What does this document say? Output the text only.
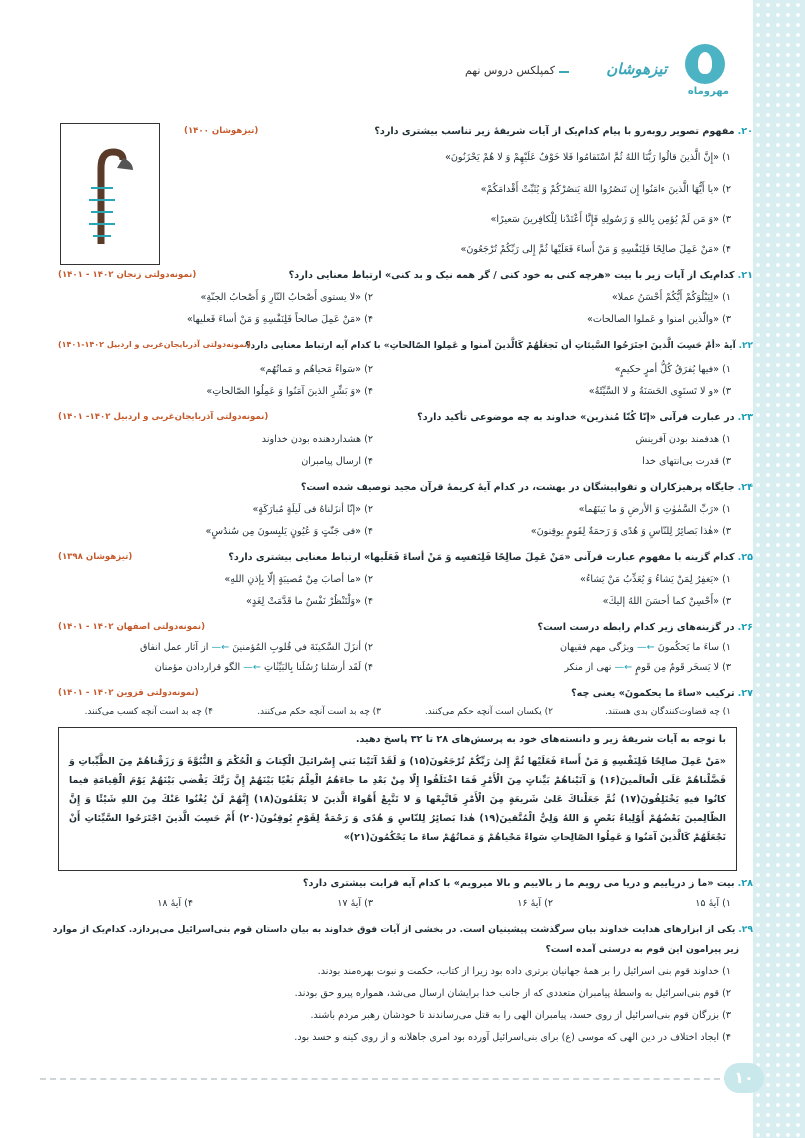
مهروماه
تیزهوشان
کمپلکس دروس نهم
۲۰. مفهوم تصویر روبه‌رو با پیام کدام‌یک از آیات شریفهٔ زیر تناسب بیشتری دارد؟
(تیزهوشان ۱۴۰۰)
۱) «إِنَّ الَّذينَ قالُوا رَبُّنَا اللهُ ثُمَّ اسْتَقامُوا فَلا خَوْفٌ عَلَيْهِمْ وَ لا هُمْ يَحْزَنُونَ»
۲) «يا أَيُّهَا الَّذينَ ءامَنُوا إِن تَنصُرُوا اللهَ يَنصُرْكُمْ وَ يُثَبِّتْ أَقْدامَكُمْ»
۳) «وَ مَن لَمْ يُؤمِن بِاللهِ وَ رَسُولِهِ فَإِنَّا أَعْتَدْنا لِلْكافِرينَ سَعيرًا»
۴) «مَنْ عَمِلَ صالِحًا فَلِنَفْسِهِ وَ مَنْ أَساءَ فَعَلَيْها ثُمَّ إِلى رَبِّكُمْ تُرْجَعُونَ»
۲۱. کدام‌یک از آیات زیر با بیت «هرچه کنی به خود کنی / گر همه نیک و بد کنی» ارتباط معنایی دارد؟
(نمونه‌دولتی زنجان ۱۴۰۲ - ۱۴۰۱)
۱) «لِيَبْلُوَكُمْ أَيُّكُمْ أَحْسَنُ عملا»
۲) «لا يستوی أَصْحابُ النّارِ وَ أَصْحابُ الجنّةِ»
۳) «والّذين امنوا و عَملوا الصالحات»
۴) «مَنْ عَمِلَ صالحاً فَلِنَفْسِهِ وَ مَنْ أساءَ فَعليها»
۲۲. آیهٔ «أمْ حَسِبَ الَّذينَ اجتَرَحُوا السَّيئاتِ أن نَجعَلَهُمْ كَالَّذينَ آمنوا و عَمِلوا الصّالحاتِ» با کدام آیه ارتباط معنایی دارد؟
(نمونه‌دولتی آذربایجان‌غربی و اردبیل ۱۴۰۲-۱۴۰۱)
۱) «فيها يُفرَقُ كُلُّ أمرٍ حكيمٍ»
۲) «سَواءً مَحياهُم و مَماتُهُم»
۳) «و لا تَستَوِی الحَسَنَةُ و لا السَّيِّئَةُ»
۴) «وَ بَشِّرِ الذينَ آمَنُوا وَ عَمِلُوا الصّالحاتِ»
۲۳. در عبارت قرآنی «إنّا كُنّا مُنذرين» خداوند به چه موضوعی تأکید دارد؟
(نمونه‌دولتی آذربایجان‌غربی و اردبیل ۱۴۰۲- ۱۴۰۱)
۱) هدفمند بودن آفرینش
۲) هشداردهنده بودن خداوند
۳) قدرت بی‌انتهای خدا
۴) ارسال پیامبران
۲۴. جایگاه پرهیزکاران و تقواپیشگان در بهشت، در کدام آیهٔ کریمهٔ قرآن مجید توصیف شده است؟
۱) «رَبِّ السَّمٰوٰتِ وَ الأرضِ وَ ما بَينَهُما»
۲) «إنّا أنزَلناهُ فی لَيلَةٍ مُبارَكَةٍ»
۳) «هٰذا بَصائِرُ لِلنّاسِ وَ هُدًی وَ رَحمَةٌ لِقَومٍ يوقِنونَ»
۴) «فی جَنّٰتٍ وَ عُيُونٍ يَلبِسونَ مِن سُندُسٍ»
۲۵. کدام گزینه با مفهوم عبارت قرآنی «مَنْ عَمِلَ صالِحًا فَلِنَفسِه وَ مَنْ أساءَ فَعَلَيها» ارتباط معنایی بیشتری دارد؟
(تیزهوشان ۱۳۹۸)
۱) «يَغفِرُ لِمَنْ يَشاءُ وَ يُعَذِّبُ مَنْ يَشاءُ»
۲) «ما أصابَ مِنْ مُصيبَةٍ إلّا بِإذنِ اللهِ»
۳) «أَحْسِنْ كما أحسَنَ اللهُ إليكَ»
۴) «وَلْتَنْظُرْ نَفْسٌ ما قَدَّمَتْ لِغَدٍ»
۲۶. در گزینه‌های زیر کدام رابطه درست است؟
(نمونه‌دولتی اصفهان ۱۴۰۲ - ۱۴۰۱)
۱) ساءَ ما يَحكُمونَ ←— ویژگی مهم فقیهان
۲) أنزَلَ السَّكينَةَ في قُلوبِ المُؤمنينَ ←— از آثار عمل انفاق
۳) لا يَسخَر قَومٌ مِن قَومٍ ←— نهی از منکر
۴) لَقَد أرسَلنا رُسُلَنا بِالبَيِّنٰاتِ ←— الگو قراردادن مؤمنان
۲۷. ترکیب «ساءَ ما يحكمونَ» یعنی چه؟
(نمونه‌دولتی قزوین ۱۴۰۲ - ۱۴۰۱)
۱) چه قضاوت‌کنندگان بدی هستند.
۲) یکسان است آنچه حکم می‌کنند.
۳) چه بد است آنچه حکم می‌کنند.
۴) چه بد است آنچه کسب می‌کنند.
با توجه به آیات شریفهٔ زیر و دانسته‌های خود به پرسش‌های ۲۸ تا ۳۲ پاسخ دهید.
«مَنْ عَمِلَ صالِحًا فَلِنَفْسِهِ وَ مَنْ أَساءَ فَعَلَيْها ثُمَّ إِلىٰ رَبِّكُمْ تُرْجَعُونَ(۱۵) وَ لَقَدْ آتَيْنا بَني إِسْرائيلَ الْكِتابَ وَ الْحُكْمَ وَ النُّبُوَّةَ وَ رَزَقْناهُمْ مِنَ الطَّيِّباتِ وَ فَضَّلْناهُمْ عَلَى الْعالَمينَ(۱۶) وَ آتَيْناهُمْ بَيِّناتٍ مِنَ الْأَمْرِ فَمَا اخْتَلَفُوا إِلّا مِنْ بَعْدِ ما جاءَهُمُ الْعِلْمُ بَغْيًا بَيْنَهُمْ إِنَّ رَبَّكَ يَقْضي بَيْنَهُمْ يَوْمَ الْقِيامَةِ فيما كانُوا فيهِ يَخْتَلِفُونَ(۱۷) ثُمَّ جَعَلْناكَ عَلىٰ شَريعَةٍ مِنَ الْأَمْرِ فَاتَّبِعْها وَ لا تَتَّبِعْ أَهْواءَ الَّذينَ لا يَعْلَمُونَ(۱۸) إِنَّهُمْ لَنْ يُغْنُوا عَنْكَ مِنَ اللهِ شَيْئًا وَ إِنَّ الظّالِمينَ بَعْضُهُمْ أَوْلِياءُ بَعْضٍ وَ اللهُ وَلِيُّ الْمُتَّقينَ(۱۹) هٰذا بَصائِرُ لِلنّاسِ وَ هُدًى وَ رَحْمَةٌ لِقَوْمٍ يُوقِنُونَ(۲۰) أَمْ حَسِبَ الَّذينَ اجْتَرَحُوا السَّيِّئاتِ أَنْ نَجْعَلَهُمْ كَالَّذينَ آمَنُوا وَ عَمِلُوا الصّالِحاتِ سَواءً مَحْياهُمْ وَ مَماتُهُمْ ساءَ ما يَحْكُمُونَ(۲۱)»
۲۸. بیت «ما ز دریاییم و دریا می رویم ما ز بالاییم و بالا میرویم» با کدام آیه قرابت بیشتری دارد؟
۱) آیهٔ ۱۵
۲) آیهٔ ۱۶
۳) آیهٔ ۱۷
۴) آیهٔ ۱۸
۲۹. یکی از ابزارهای هدایت خداوند بیان سرگذشت پیشینیان است. در بخشی از آیات فوق خداوند به بیان داستان قوم بنی‌اسرائیل می‌پردازد. کدام‌یک از موارد
زیر پیرامون این قوم به درستی آمده است؟
۱) خداوند قوم بنی اسرائیل را بر همهٔ جهانیان برتری داده بود زیرا از کتاب، حکمت و نبوت بهره‌مند بودند.
۲) قوم بنی‌اسرائیل به واسطهٔ پیامبران متعددی که از جانب خدا برایشان ارسال می‌شد، همواره پیرو حق بودند.
۳) بزرگان قوم بنی‌اسرائیل از روی حسد، پیامبران الهی را به قتل می‌رساندند تا خودشان رهبر مردم باشند.
۴) ایجاد اختلاف در دین الهی که موسی (ع) برای بنی‌اسرائیل آورده بود امری جاهلانه و از روی کینه و حسد بود.
۱۰
